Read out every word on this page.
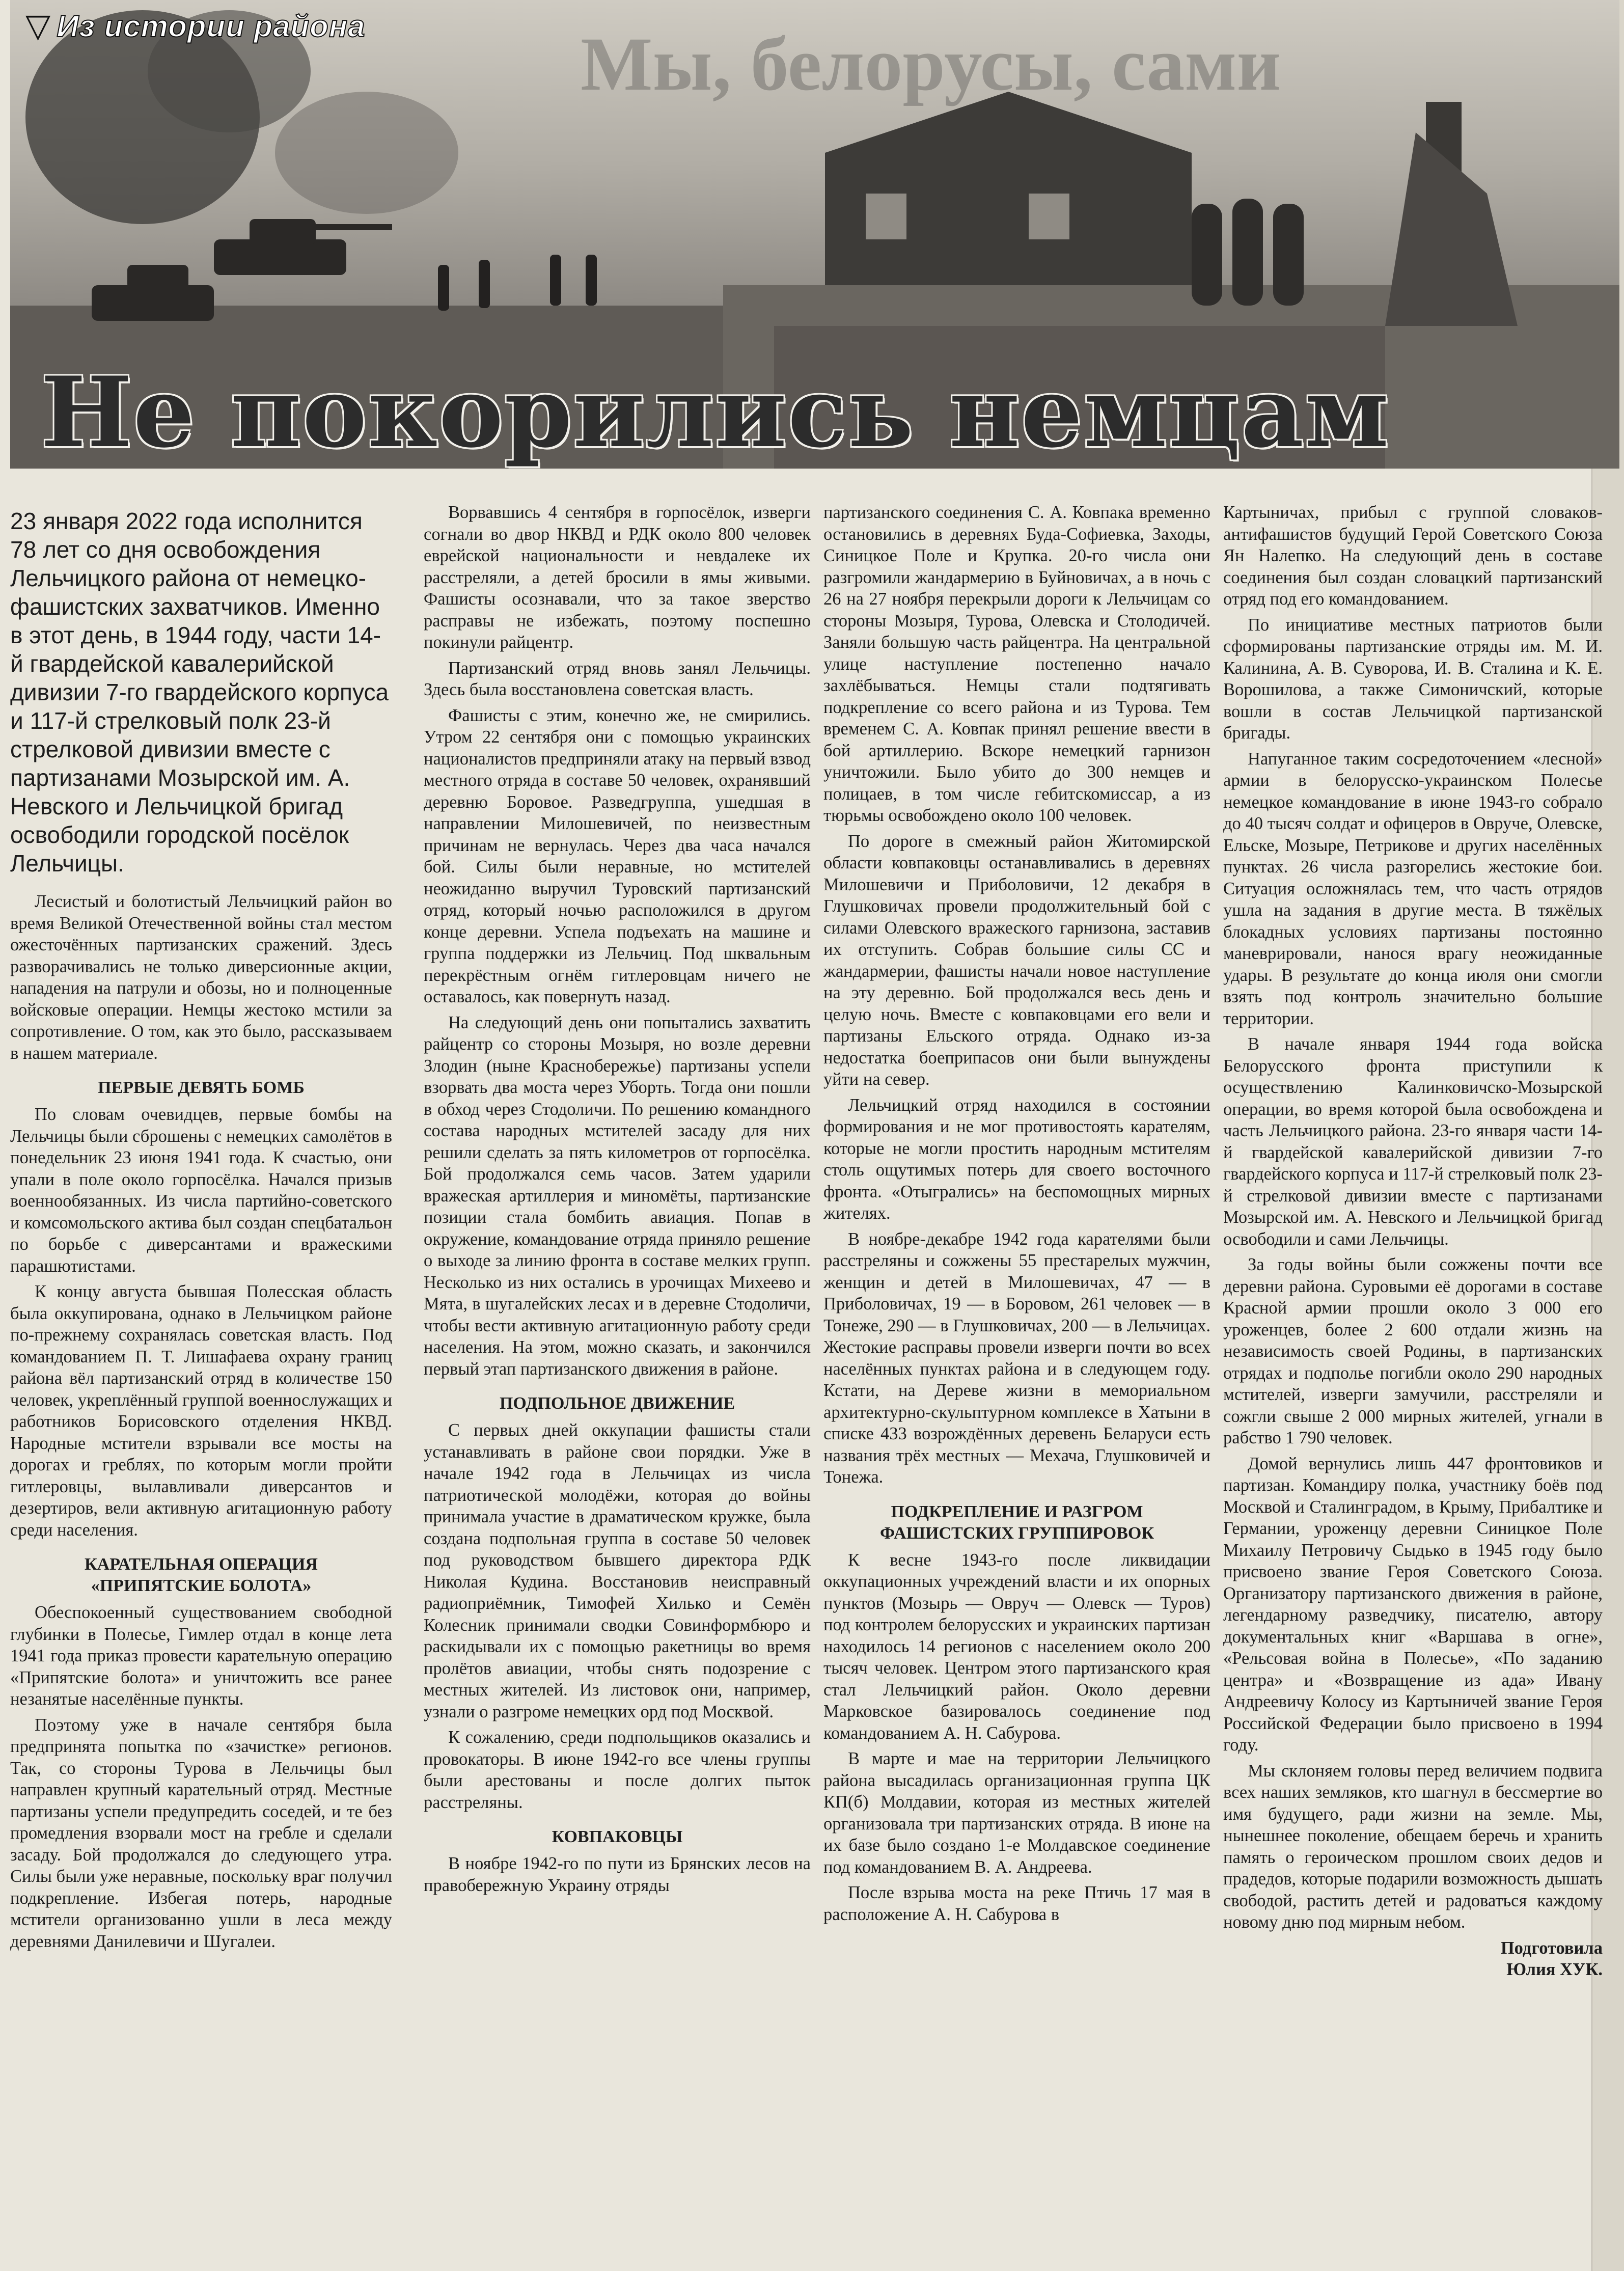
▽ Из истории района	Мы, белорусы, сами
Не покорились немцам

23 января 2022 года исполнится 78 лет со дня освобождения Лельчицкого района от немецко-фашистских захватчиков. Именно в этот день, в 1944 году, части 14-й гвардейской кавалерийской дивизии 7-го гвардейского корпуса и 117-й стрелковый полк 23-й стрелковой дивизии вместе с партизанами Мозырской им. А. Невского и Лельчицкой бригад освободили городской посёлок Лельчицы.

Лесистый и болотистый Лельчицкий район во время Великой Отечественной войны стал местом ожесточённых партизанских сражений. Здесь разворачивались не только диверсионные акции, нападения на патрули и обозы, но и полноценные войсковые операции. Немцы жестоко мстили за сопротивление. О том, как это было, рассказываем в нашем материале.

ПЕРВЫЕ ДЕВЯТЬ БОМБ

По словам очевидцев, первые бомбы на Лельчицы были сброшены с немецких самолётов в понедельник 23 июня 1941 года. К счастью, они упали в поле около горпосёлка. Начался призыв военнообязанных. Из числа партийно-советского и комсомольского актива был создан спецбатальон по борьбе с диверсантами и вражескими парашютистами.

К концу августа бывшая Полесская область была оккупирована, однако в Лельчицком районе по-прежнему сохранялась советская власть. Под командованием П. Т. Лишафаева охрану границ района вёл партизанский отряд в количестве 150 человек, укреплённый группой военнослужащих и работников Борисовского отделения НКВД. Народные мстители взрывали все мосты на дорогах и греблях, по которым могли пройти гитлеровцы, вылавливали диверсантов и дезертиров, вели активную агитационную работу среди населения.

КАРАТЕЛЬНАЯ ОПЕРАЦИЯ
«ПРИПЯТСКИЕ БОЛОТА»

Обеспокоенный существованием свободной глубинки в Полесье, Гимлер отдал в конце лета 1941 года приказ провести карательную операцию «Припятские болота» и уничтожить все ранее незанятые населённые пункты.

Поэтому уже в начале сентября была предпринята попытка по «зачистке» регионов. Так, со стороны Турова в Лельчицы был направлен крупный карательный отряд. Местные партизаны успели предупредить соседей, и те без промедления взорвали мост на гребле и сделали засаду. Бой продолжался до следующего утра. Силы были уже неравные, поскольку враг получил подкрепление. Избегая потерь, народные мстители организованно ушли в леса между деревнями Данилевичи и Шугалеи.

Ворвавшись 4 сентября в горпосёлок, изверги согнали во двор НКВД и РДК около 800 человек еврейской национальности и невдалеке их расстреляли, а детей бросили в ямы живыми. Фашисты осознавали, что за такое зверство расправы не избежать, поэтому поспешно покинули райцентр.

Партизанский отряд вновь занял Лельчицы. Здесь была восстановлена советская власть.

Фашисты с этим, конечно же, не смирились. Утром 22 сентября они с помощью украинских националистов предприняли атаку на первый взвод местного отряда в составе 50 человек, охранявший деревню Боровое. Разведгруппа, ушедшая в направлении Милошевичей, по неизвестным причинам не вернулась. Через два часа начался бой. Силы были неравные, но мстителей неожиданно выручил Туровский партизанский отряд, который ночью расположился в другом конце деревни. Успела подъехать на машине и группа поддержки из Лельчиц. Под шквальным перекрёстным огнём гитлеровцам ничего не оставалось, как повернуть назад.

На следующий день они попытались захватить райцентр со стороны Мозыря, но возле деревни Злодин (ныне Краснобережье) партизаны успели взорвать два моста через Уборть. Тогда они пошли в обход через Стодоличи. По решению командного состава народных мстителей засаду для них решили сделать за пять километров от горпосёлка. Бой продолжался семь часов. Затем ударили вражеская артиллерия и миномёты, партизанские позиции стала бомбить авиация. Попав в окружение, командование отряда приняло решение о выходе за линию фронта в составе мелких групп. Несколько из них остались в урочищах Михеево и Мята, в шугалейских лесах и в деревне Стодоличи, чтобы вести активную агитационную работу среди населения. На этом, можно сказать, и закончился первый этап партизанского движения в районе.

ПОДПОЛЬНОЕ ДВИЖЕНИЕ

С первых дней оккупации фашисты стали устанавливать в районе свои порядки. Уже в начале 1942 года в Лельчицах из числа патриотической молодёжи, которая до войны принимала участие в драматическом кружке, была создана подпольная группа в составе 50 человек под руководством бывшего директора РДК Николая Кудина. Восстановив неисправный радиоприёмник, Тимофей Хилько и Семён Колесник принимали сводки Совинформбюро и раскидывали их с помощью ракетницы во время пролётов авиации, чтобы снять подозрение с местных жителей. Из листовок они, например, узнали о разгроме немецких орд под Москвой.

К сожалению, среди подпольщиков оказались и провокаторы. В июне 1942-го все члены группы были арестованы и после долгих пыток расстреляны.

КОВПАКОВЦЫ

В ноябре 1942-го по пути из Брянских лесов на правобережную Украину отряды

партизанского соединения С. А. Ковпака временно остановились в деревнях Буда-Софиевка, Заходы, Синицкое Поле и Крупка. 20-го числа они разгромили жандармерию в Буйновичах, а в ночь с 26 на 27 ноября перекрыли дороги к Лельчицам со стороны Мозыря, Турова, Олевска и Столодичей. Заняли большую часть райцентра. На центральной улице наступление постепенно начало захлёбываться. Немцы стали подтягивать подкрепление со всего района и из Турова. Тем временем С. А. Ковпак принял решение ввести в бой артиллерию. Вскоре немецкий гарнизон уничтожили. Было убито до 300 немцев и полицаев, в том числе гебитскомиссар, а из тюрьмы освобождено около 100 человек.

По дороге в смежный район Житомирской области ковпаковцы останавливались в деревнях Милошевичи и Приболовичи, 12 декабря в Глушковичах провели продолжительный бой с силами Олевского вражеского гарнизона, заставив их отступить. Собрав большие силы СС и жандармерии, фашисты начали новое наступление на эту деревню. Бой продолжался весь день и целую ночь. Вместе с ковпаковцами его вели и партизаны Ельского отряда. Однако из-за недостатка боеприпасов они были вынуждены уйти на север.

Лельчицкий отряд находился в состоянии формирования и не мог противостоять карателям, которые не могли простить народным мстителям столь ощутимых потерь для своего восточного фронта. «Отыгрались» на беспомощных мирных жителях.

В ноябре-декабре 1942 года карателями были расстреляны и сожжены 55 престарелых мужчин, женщин и детей в Милошевичах, 47 — в Приболовичах, 19 — в Боровом, 261 человек — в Тонеже, 290 — в Глушковичах, 200 — в Лельчицах. Жестокие расправы провели изверги почти во всех населённых пунктах района и в следующем году. Кстати, на Дереве жизни в мемориальном архитектурно-скульптурном комплексе в Хатыни в списке 433 возрождённых деревень Беларуси есть названия трёх местных — Мехача, Глушковичей и Тонежа.

ПОДКРЕПЛЕНИЕ И РАЗГРОМ
ФАШИСТСКИХ ГРУППИРОВОК

К весне 1943-го после ликвидации оккупационных учреждений власти и их опорных пунктов (Мозырь — Овруч — Олевск — Туров) под контролем белорусских и украинских партизан находилось 14 регионов с населением около 200 тысяч человек. Центром этого партизанского края стал Лельчицкий район. Около деревни Марковское базировалось соединение под командованием А. Н. Сабурова.

В марте и мае на территории Лельчицкого района высадилась организационная группа ЦК КП(б) Молдавии, которая из местных жителей организовала три партизанских отряда. В июне на их базе было создано 1-е Молдавское соединение под командованием В. А. Андреева.

После взрыва моста на реке Птичь 17 мая в расположение А. Н. Сабурова в

Картыничах, прибыл с группой словаков-антифашистов будущий Герой Советского Союза Ян Налепко. На следующий день в составе соединения был создан словацкий партизанский отряд под его командованием.

По инициативе местных патриотов были сформированы партизанские отряды им. М. И. Калинина, А. В. Суворова, И. В. Сталина и К. Е. Ворошилова, а также Симоничский, которые вошли в состав Лельчицкой партизанской бригады.

Напуганное таким сосредоточением «лесной» армии в белорусско-украинском Полесье немецкое командование в июне 1943-го собрало до 40 тысяч солдат и офицеров в Овруче, Олевске, Ельске, Мозыре, Петрикове и других населённых пунктах. 26 числа разгорелись жестокие бои. Ситуация осложнялась тем, что часть отрядов ушла на задания в другие места. В тяжёлых блокадных условиях партизаны постоянно маневрировали, нанося врагу неожиданные удары. В результате до конца июля они смогли взять под контроль значительно большие территории.

В начале января 1944 года войска Белорусского фронта приступили к осуществлению Калинковичско-Мозырской операции, во время которой была освобождена и часть Лельчицкого района. 23-го января части 14-й гвардейской кавалерийской дивизии 7-го гвардейского корпуса и 117-й стрелковый полк 23-й стрелковой дивизии вместе с партизанами Мозырской им. А. Невского и Лельчицкой бригад освободили и сами Лельчицы.

За годы войны были сожжены почти все деревни района. Суровыми её дорогами в составе Красной армии прошли около 3 000 его уроженцев, более 2 600 отдали жизнь на независимость своей Родины, в партизанских отрядах и подполье погибли около 290 народных мстителей, изверги замучили, расстреляли и сожгли свыше 2 000 мирных жителей, угнали в рабство 1 790 человек.

Домой вернулись лишь 447 фронтовиков и партизан. Командиру полка, участнику боёв под Москвой и Сталинградом, в Крыму, Прибалтике и Германии, уроженцу деревни Синицкое Поле Михаилу Петровичу Сыдько в 1945 году было присвоено звание Героя Советского Союза. Организатору партизанского движения в районе, легендарному разведчику, писателю, автору документальных книг «Варшава в огне», «Рельсовая война в Полесье», «По заданию центра» и «Возвращение из ада» Ивану Андреевичу Колосу из Картыничей звание Героя Российской Федерации было присвоено в 1994 году.

Мы склоняем головы перед величием подвига всех наших земляков, кто шагнул в бессмертие во имя будущего, ради жизни на земле. Мы, нынешнее поколение, обещаем беречь и хранить память о героическом прошлом своих дедов и прадедов, которые подарили возможность дышать свободой, растить детей и радоваться каждому новому дню под мирным небом.

Подготовила
Юлия ХУК.
